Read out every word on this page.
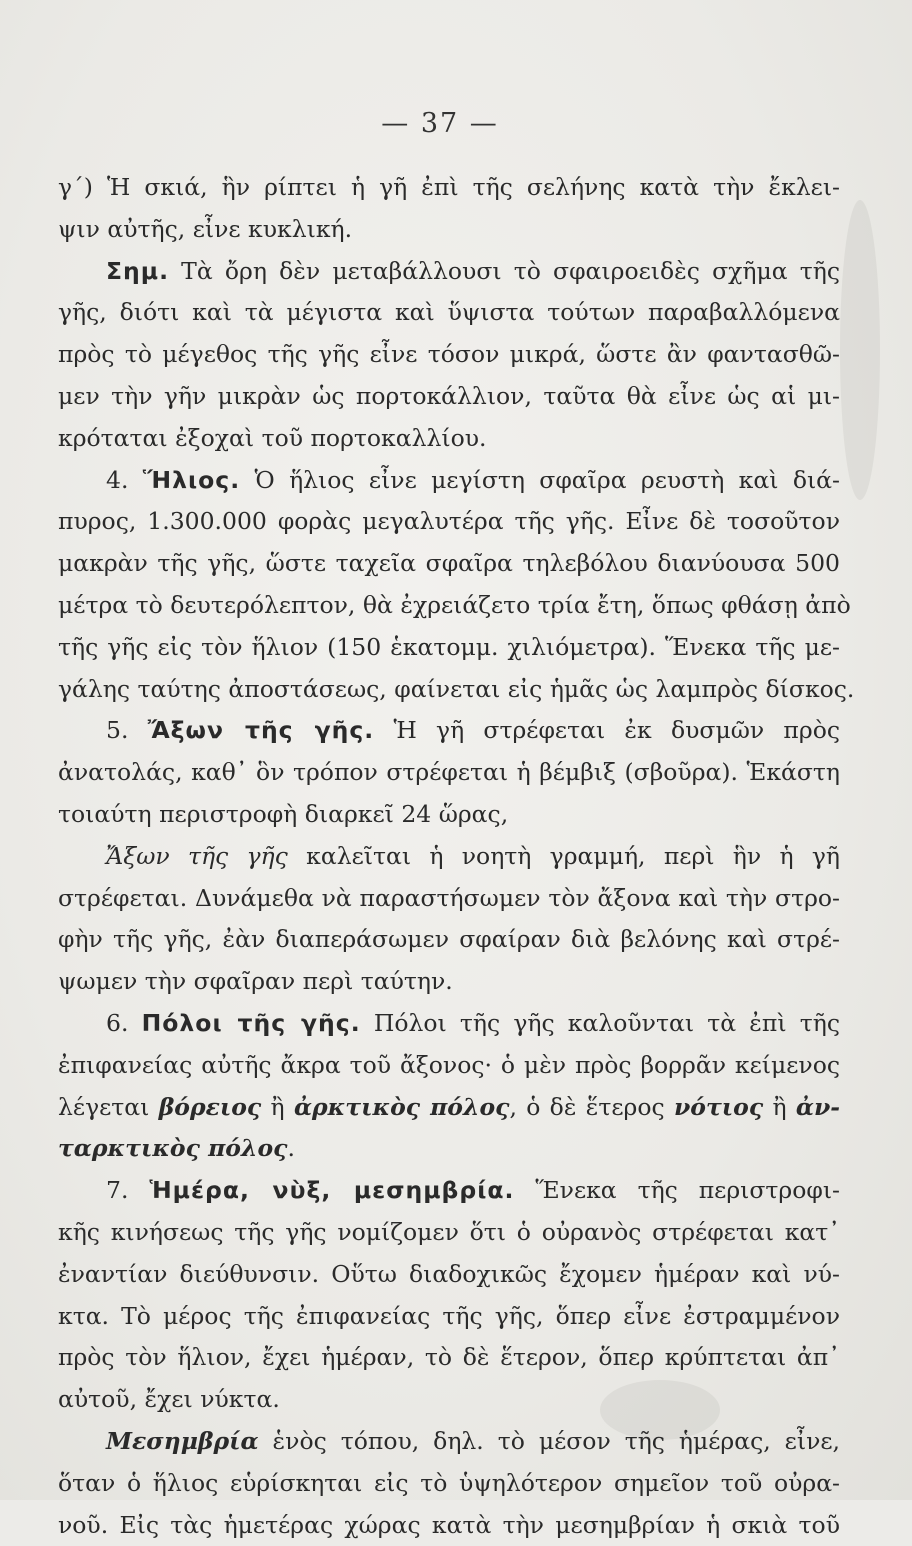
— 37 —
γ´) Ἡ σκιά, ἣν ρίπτει ἡ γῆ ἐπὶ τῆς σελήνης κατὰ τὴν ἔκλει-
ψιν αὐτῆς, εἶνε κυκλική.
Σημ. Τὰ ὄρη δὲν μεταβάλλουσι τὸ σφαιροειδὲς σχῆμα τῆς
γῆς, διότι καὶ τὰ μέγιστα καὶ ὕψιστα τούτων παραβαλλόμενα
πρὸς τὸ μέγεθος τῆς γῆς εἶνε τόσον μικρά, ὥστε ἂν φαντασθῶ-
μεν τὴν γῆν μικρὰν ὡς πορτοκάλλιον, ταῦτα θὰ εἶνε ὡς αἱ μι-
κρόταται ἐξοχαὶ τοῦ πορτοκαλλίου.
4. Ἥλιος. Ὁ ἥλιος εἶνε μεγίστη σφαῖρα ρευστὴ καὶ διά-
πυρος, 1.300.000 φορὰς μεγαλυτέρα τῆς γῆς. Εἶνε δὲ τοσοῦτον
μακρὰν τῆς γῆς, ὥστε ταχεῖα σφαῖρα τηλεβόλου διανύουσα 500
μέτρα τὸ δευτερόλεπτον, θὰ ἐχρειάζετο τρία ἔτη, ὅπως φθάσῃ ἀπὸ
τῆς γῆς εἰς τὸν ἥλιον (150 ἑκατομμ. χιλιόμετρα). Ἕνεκα τῆς με-
γάλης ταύτης ἀποστάσεως, φαίνεται εἰς ἡμᾶς ὡς λαμπρὸς δίσκος.
5. Ἄξων τῆς γῆς. Ἡ γῆ στρέφεται ἐκ δυσμῶν πρὸς
ἀνατολάς, καθ᾽ ὃν τρόπον στρέφεται ἡ βέμβιξ (σβοῦρα). Ἑκάστη
τοιαύτη περιστροφὴ διαρκεῖ 24 ὥρας,
Ἄξων τῆς γῆς καλεῖται ἡ νοητὴ γραμμή, περὶ ἣν ἡ γῆ
στρέφεται. Δυνάμεθα νὰ παραστήσωμεν τὸν ἄξονα καὶ τὴν στρο-
φὴν τῆς γῆς, ἐὰν διαπεράσωμεν σφαίραν διὰ βελόνης καὶ στρέ-
ψωμεν τὴν σφαῖραν περὶ ταύτην.
6. Πόλοι τῆς γῆς. Πόλοι τῆς γῆς καλοῦνται τὰ ἐπὶ τῆς
ἐπιφανείας αὐτῆς ἄκρα τοῦ ἄξονος· ὁ μὲν πρὸς βορρᾶν κείμενος
λέγεται βόρειος ἢ ἀρκτικὸς πόλος, ὁ δὲ ἕτερος νότιος ἢ ἀν-
ταρκτικὸς πόλος.
7. Ἡμέρα, νὺξ, μεσημβρία. Ἕνεκα τῆς περιστροφι-
κῆς κινήσεως τῆς γῆς νομίζομεν ὅτι ὁ οὐρανὸς στρέφεται κατ᾽
ἐναντίαν διεύθυνσιν. Οὕτω διαδοχικῶς ἔχομεν ἡμέραν καὶ νύ-
κτα. Τὸ μέρος τῆς ἐπιφανείας τῆς γῆς, ὅπερ εἶνε ἐστραμμένον
πρὸς τὸν ἥλιον, ἔχει ἡμέραν, τὸ δὲ ἕτερον, ὅπερ κρύπτεται ἀπ᾽
αὐτοῦ, ἔχει νύκτα.
Μεσημβρία ἑνὸς τόπου, δηλ. τὸ μέσον τῆς ἡμέρας, εἶνε,
ὅταν ὁ ἥλιος εὑρίσκηται εἰς τὸ ὑψηλότερον σημεῖον τοῦ οὐρα-
νοῦ. Εἰς τὰς ἡμετέρας χώρας κατὰ τὴν μεσημβρίαν ἡ σκιὰ τοῦ
